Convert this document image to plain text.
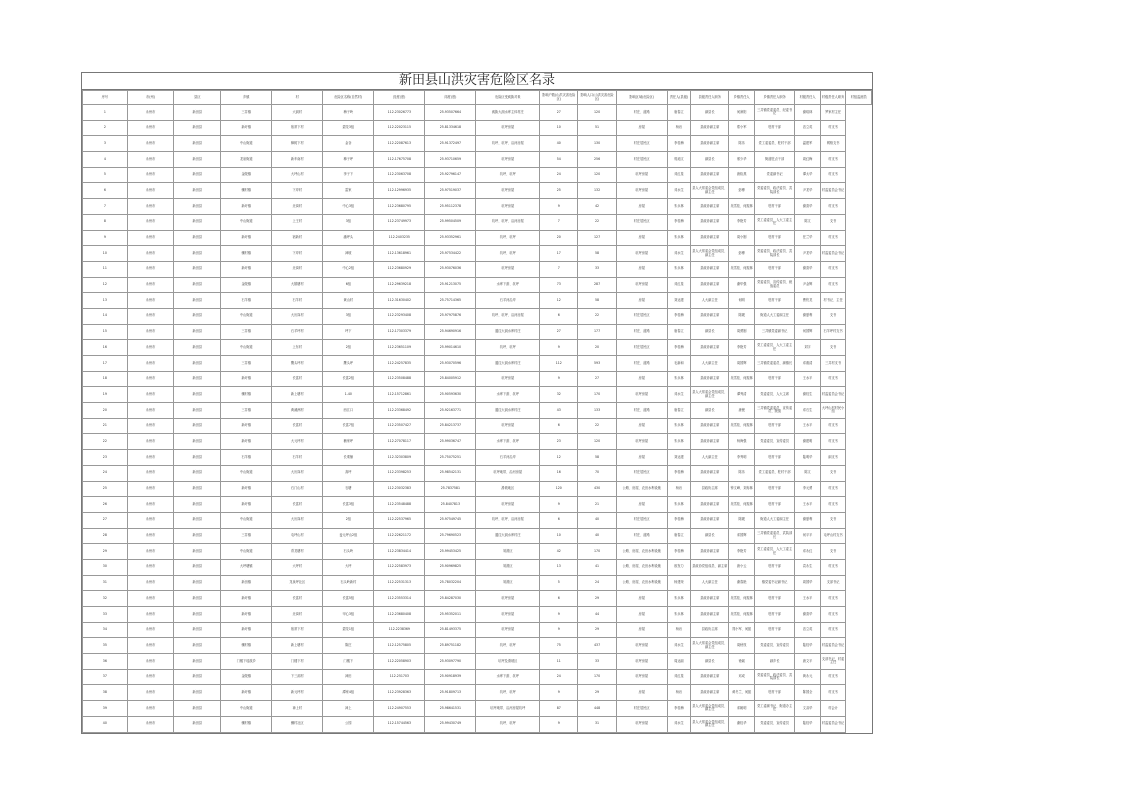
新田县山洪灾害危险区名录
序号	市(州)	县区	乡镇	村	危险区名称(自然村)	经度(度)	纬度(度)	危险区受威胁对象	影响户数(山洪灾害危险区)	影响人口(山洪灾害危险区)	影响区域(危险区)	责任人(县级)	县级责任人职务	乡镇责任人	乡镇责任人职务	村级责任人	村级责任人职务	村组监测员
1	永州市	新田县	三井镇	大洞村	梅子岭	112.23026773	25.93507664	威胁大洞水库主体村庄	27	120	村庄、道路	唐春立	副县长	何润阳	三井镇党委委员、纪委书记	谢绍林	罗家村主任	
2	永州市	新田县	新圩镇	宿常下村	碧龙3组	112.22023115	25.81334618	坑坪房屋	10	51	房屋	杨岩	县政协副主席	郑小军	驻村干部	忠立英	村支书	
3	永州市	新田县	中山街道	樟树下村	金谷	112.22087613	25.91372497	坑坪、坑坪、沿河房屋	40	130	村庄居民区	李桂梅	县政协副主席	陈乐	党工委委员、驻村干部	温建军	网格支书	
4	永州市	新田县	龙泉街道	新车南村	樟子坪	112.17675708	25.93710659	坑坪房屋	54	256	村庄居民区	郭迪文	副县长	邢少华	街道驻点干部	周红梅	村支书	
5	永州市	新田县	金陵镇	大坪山村	李子下	112.23063708	25.92796147	坑坪、坑坪	24	120	坑坪房屋	邓红星	县政协副主席	唐检燕	党委副书记	谭太华	村支书	
6	永州市	新田县	骥村镇	下岸村	雷家	112.12996935	25.97519037	坑坪房屋	25	132	坑坪房屋	邓水生	县人大常委会党组成员、副主任	彭博	党委委员、政法委员、武装部长	尹龙华	村监委员会书记	
7	永州市	新田县	新圩镇	北岗村	中心3组	112.23680795	25.95112378	坑坪房屋	9	42	房屋	朱永林	县政协副主席	吴雪桂、何振林	驻村干部	谢喜华	村支书	
8	永州市	新田县	中山街道	上王村	3组	112.23749973	25.99504509	坑坪、坑坪、沿河房屋	7	22	村庄居民区	李桂梅	县政协副主席	李艳芳	党工委委员、人大工委主任	陈文	支书	
9	永州市	新田县	新圩镇	宿新村	潘坪头	112.2403235	25.93352961	坑坪、坑坪	20	127	房屋	朱永林	县政协副主席	周小刚	驻村干部	任兰华	村支书	
10	永州市	新田县	骥村镇	下岸村	神坡	112.13618961	25.97534422	坑坪、坑坪	17	58	坑坪房屋	邓水生	县人大常委会党组成员、副主任	彭博	党委委员、政法委员、武装部长	尹龙华	村监委员会书记	
11	永州市	新田县	新圩镇	北岗村	中心2组	112.23680929	25.93076036	坑坪房屋	7	33	房屋	朱永林	县政协副主席	吴雪桂、何振林	驻村干部	谢喜华	村支书	
12	永州市	新田县	金陵镇	大陂塘村	6组	112.29639218	25.91213075	水库下游、坑坪	73	287	坑坪房屋	邓红星	县政协副主席	谢华强	党委委员、宣传委员、统战委员	尹金辉	村支书	
13	永州市	新田县	石羊镇	石羊村	黄山村	112.31630402	25.75714365	石羊河沿岸	12	58	房屋	刘达建	人大副主任	何明	驻村干部	曹钦龙	村书记、主任	
14	永州市	新田县	中山街道	大历岗村	3组	112.23293408	25.97975876	坑坪、坑坪、沿河房屋	6	22	村庄居民区	李桂梅	县政协副主席	陈媛	街道人大工委副主任	谢夏利	支书	
15	永州市	新田县	三井镇	石羊坪村	坪下	112.17303379	25.94690916	通往大洞水库村庄	27	177	村庄、道路	唐春立	副县长	周勇刚	三井镇党委副书记	何国辉	石羊坪村支书	
16	永州市	新田县	中山街道	上东村	2组	112.23651109	25.99014610	坑坪、坑坪	9	20	村庄居民区	李桂梅	县政协副主席	李艳芳	党工委委员、人大工委主任	刘宇	支书	
17	永州市	新田县	三井镇	鹰头坪村	鹰头坪	112.24257835	25.93070596	通往大洞水库村庄	112	593	村庄、道路	毛新和	人大副主任	周国辉	三井镇党委委员、副镇长	邓惠清	三井村支书	
18	永州市	新田县	新圩镇	长富村	长富2组	112.23508488	25.84005912	坑坪房屋	9	27	房屋	朱永林	县政协副主席	吴雪桂、何振林	驻村干部	王水平	村支书	
19	永州市	新田县	骥村镇	新上塘村	1-40	112.15712861	25.90593630	水库下游、坑坪	32	170	坑坪房屋	邓水生	县人大常委会党组成员、副主任	谭秀清	党委委员、人大主席	谢桂生	村监委员会书记	
20	永州市	新田县	三井镇	黄溪洲村	西江口	112.23368492	25.92163771	通往大洞水库村庄	43	133	村庄、道路	唐春立	副县长	唐俊	三井镇党委委员、宣传委员、统战	邓石生	大坪山村村民小组	
21	永州市	新田县	新圩镇	长富村	长富7组	112.23507427	25.84213737	坑坪房屋	6	22	房屋	朱永林	县政协副主席	吴雪桂、何振林	驻村干部	王水平	村支书	
22	永州市	新田县	新圩镇	大元坪村	楠家坪	112.27078117	25.99036747	水库下游、坑坪	23	120	坑坪房屋	朱永林	县政协副主席	杨海强	党委委员、宣传委员	谢建明	村支书	
23	永州市	新田县	石羊镇	石羊村	长乘铺	112.32303809	25.75075251	石羊河沿岸	12	58	房屋	刘达建	人大副主任	李秀明	驻村干部	陆明华	副支书	
24	永州市	新田县	中山街道	大历岗村	高坪	112.23398253	25.98542131	坑坪地带、沿河房屋	16	70	村庄居民区	李桂梅	县政协副主席	陈乐	党工委委员、驻村干部	陈文	支书	
25	永州市	新田县	新圩镇	石门山村	石塘	112.23032383	25.7837581	滑坡地区	120	430	公路、房屋、农田水利设施	杨岩	县政协主席	钟文峰、刘寿林	驻村干部	李元勇	村支书	
26	永州市	新田县	新圩镇	长富村	长富3组	112.23548488	25.8407813	坑坪房屋	9	21	房屋	朱永林	县政协副主席	吴雪桂、何振林	驻村干部	王水平	村支书	
27	永州市	新田县	中山街道	大历岗村	2组	112.22537965	25.97549745	坑坪、坑坪、沿河房屋	6	40	村庄居民区	李桂梅	县政协副主席	陈媛	街道人大工委副主任	谢夏利	支书	
28	永州市	新田县	三井镇	屯坪山村	麦元坪山2组	112.22621172	25.79690523	通往大洞水库村庄	10	40	村庄、道路	唐春立	副县长	邓国辉	三井镇党委委员、武装部长	何平平	屯坪山村支书	
29	永州市	新田县	中山街道	青龙塘村	石头岭	112.23834414	25.99453425	易滑区	42	170	公路、房屋、农田水利设施	李桂梅	县政协副主席	李艳芳	党工委委员、人大工委主任	邓永红	支书	
30	永州市	新田县	大坪塘镇	大坪村	大坪	112.22583973	25.90969825	易滑区	13	41	公路、房屋、农田水利设施	欧发力	县政协党组成员、副主席	唐小云	驻村干部	袁永生	村支书	
31	永州市	新田县	新田镇	龙泉坪社区	石头岭新村	112.22531313	25.78032204	易滑区	5	24	公路、房屋、农田水利设施	杨建荣	人大副主任	谢春艳	镇党委书记副书记	周国华	支部书记	
32	永州市	新田县	新圩镇	长富村	长富5组	112.23553314	25.84287030	坑坪房屋	6	29	房屋	朱永林	县政协副主席	吴雪桂、何振林	驻村干部	王水平	村支书	
33	永州市	新田县	新圩镇	北岗村	甲心3组	112.23680408	25.95352011	坑坪房屋	9	44	房屋	朱永林	县政协副主席	吴雪桂、何振林	驻村干部	谢喜华	村支书	
34	永州市	新田县	新圩镇	宿常下村	碧龙1组	112.2238369	25.81493375	坑坪房屋	9	29	房屋	杨岩	县政协主席	郑小军、何振	驻村干部	忠立英	村支书	
35	永州市	新田县	骥村镇	新上塘村	陈庄	112.12575805	25.89751182	坑坪、坑坪	75	437	坑坪房屋	邓水生	县人大常委会党组成员、副主任	周秋枝	党委委员、宣传委员	陆桂华	村监委员会书记	
36	永州市	新田县	门楼下瑶族乡	门楼下村	门楼下	112.22058903	25.93097790	坑坪及滑坡区	11	33	坑坪房屋	周达丽	副县长	徐斌	副乡长	唐文平	支部书记、村委主任	
37	永州市	新田县	金陵镇	下三洞村	神田	112.251703	25.90918939	水库下游、坑坪	24	170	坑坪房屋	邓红星	县政协副主席	邓成	党委委员、政法委员、武装部长	黄永元	村支书	
38	永州市	新田县	新圩镇	新元坪村	潭家4组	112.23928363	25.91809713	坑坪、坑坪	9	29	房屋	杨岩	县政协副主席	黄冬兰、何振	驻村干部	陈国全	村支书	
39	永州市	新田县	中山街道	神上村	神上	112.24907553	25.98641531	坑坪地带、沿河房屋坑坪	87	448	村庄居民区	李桂梅	县人大常委会党组成员、副主任	邓朝明	党工委副书记、街道办主任	文双华	村会计	
40	永州市	新田县	骥村镇	骥村社区	公园	112.15744563	25.99430749	坑坪、坑坪	9	31	坑坪房屋	邓水生	县人大常委会党组成员、副主任	谢桂华	党委委员、宣传委员	陆桂华	村监委员会书记	
